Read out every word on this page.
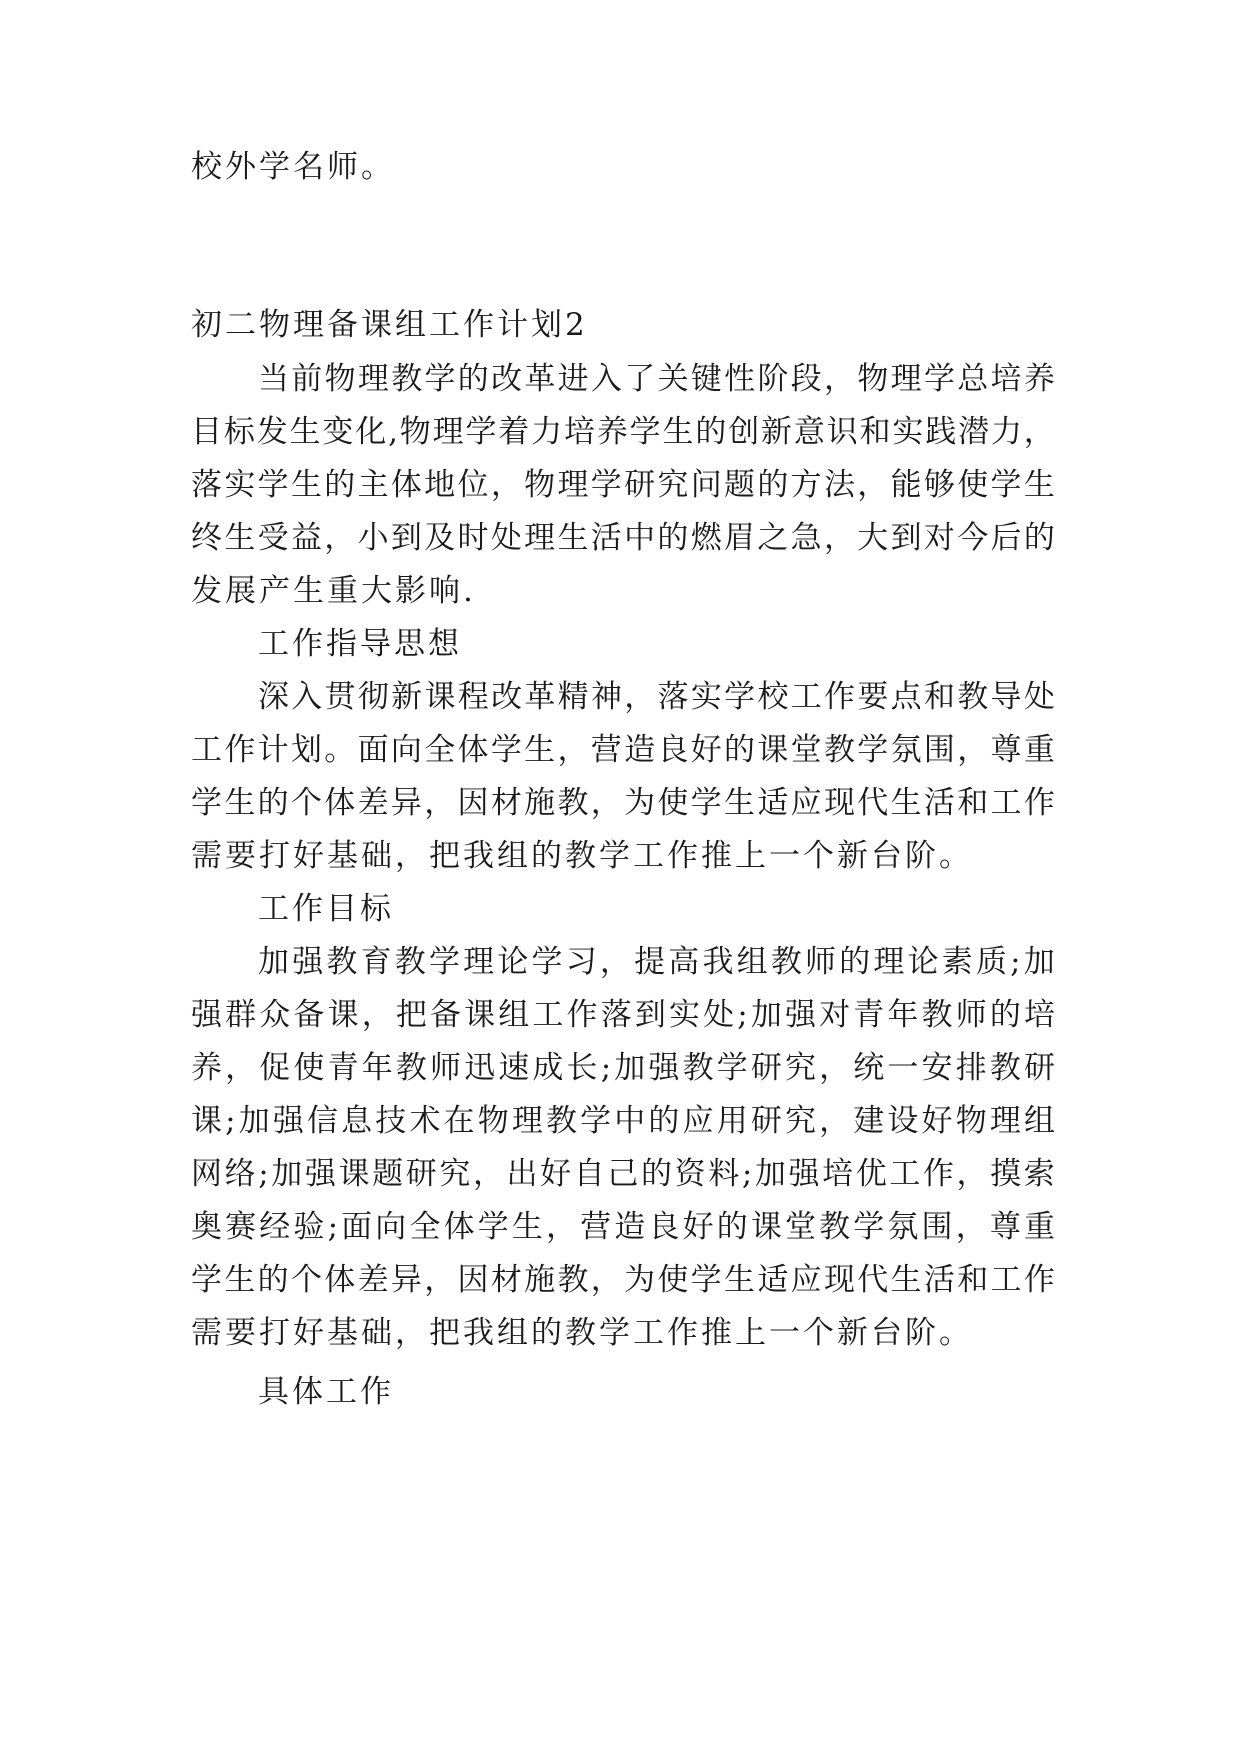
校外学名师。
初二物理备课组工作计划2
当 前 物 理 教 学 的 改 革 进 入 了 关 键 性 阶 段 ， 物 理 学 总 培 养
目 标 发 生 变 化 , 物 理 学 着 力 培 养 学 生 的 创 新 意 识 和 实 践 潜 力 ，
落 实 学 生 的 主 体 地 位 ， 物 理 学 研 究 问 题 的 方 法 ， 能 够 使 学 生
终 生 受 益 ， 小 到 及 时 处 理 生 活 中 的 燃 眉 之 急 ， 大 到 对 今 后 的
发展产生重大影响.
工作指导思想
深 入 贯 彻 新 课 程 改 革 精 神 ， 落 实 学 校 工 作 要 点 和 教 导 处
工 作 计 划 。 面 向 全 体 学 生 ， 营 造 良 好 的 课 堂 教 学 氛 围 ， 尊 重
学 生 的 个 体 差 异 ， 因 材 施 教 ， 为 使 学 生 适 应 现 代 生 活 和 工 作
需要打好基础，把我组的教学工作推上一个新台阶。
工作目标
加 强 教 育 教 学 理 论 学 习 ， 提 高 我 组 教 师 的 理 论 素 质 ; 加
强 群 众 备 课 ， 把 备 课 组 工 作 落 到 实 处 ; 加 强 对 青 年 教 师 的 培
养 ， 促 使 青 年 教 师 迅 速 成 长 ; 加 强 教 学 研 究 ， 统 一 安 排 教 研
课 ; 加 强 信 息 技 术 在 物 理 教 学 中 的 应 用 研 究 ， 建 设 好 物 理 组
网 络 ; 加 强 课 题 研 究 ， 出 好 自 己 的 资 料 ; 加 强 培 优 工 作 ， 摸 索
奥 赛 经 验 ; 面 向 全 体 学 生 ， 营 造 良 好 的 课 堂 教 学 氛 围 ， 尊 重
学 生 的 个 体 差 异 ， 因 材 施 教 ， 为 使 学 生 适 应 现 代 生 活 和 工 作
需要打好基础，把我组的教学工作推上一个新台阶。
具体工作
